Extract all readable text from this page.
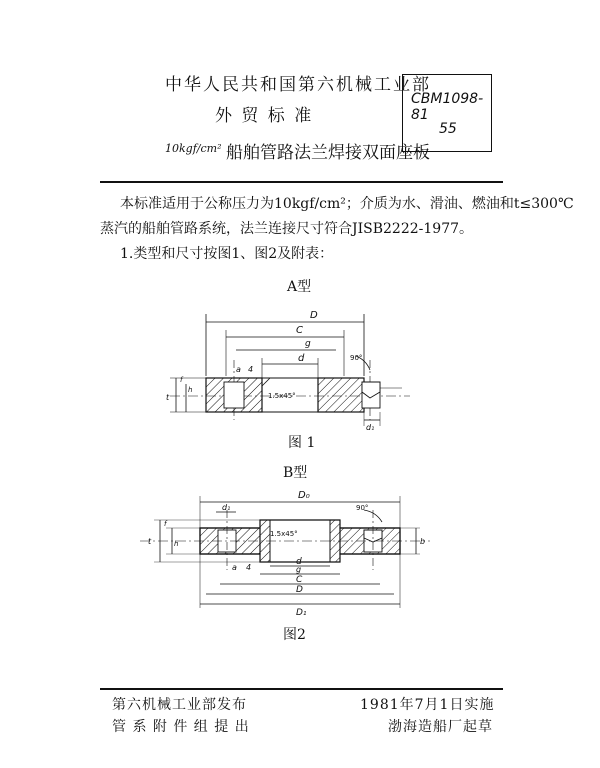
中华人民共和国第六机械工业部
外 贸 标 准
10kgf/cm² 船舶管路法兰焊接双面座板
CBM1098-81
55
本标准适用于公称压力为10kgf/cm²；介质为水、滑油、燃油和t≤300℃
蒸汽的船舶管路系统，法兰连接尺寸符合JISB2222-1977。
1.类型和尺寸按图1、图2及附表：
A型
D
C
g
d
a 4
1.5x45°
90°
d₁
t
f
h
图 1
B型
D₀
d₁	90°
1.5x45°
d
g
C
D
D₁
a 4
t
f
h	b
图2
第六机械工业部发布
管 系 附 件 组 提 出
1981年7月1日实施
渤海造船厂起草
